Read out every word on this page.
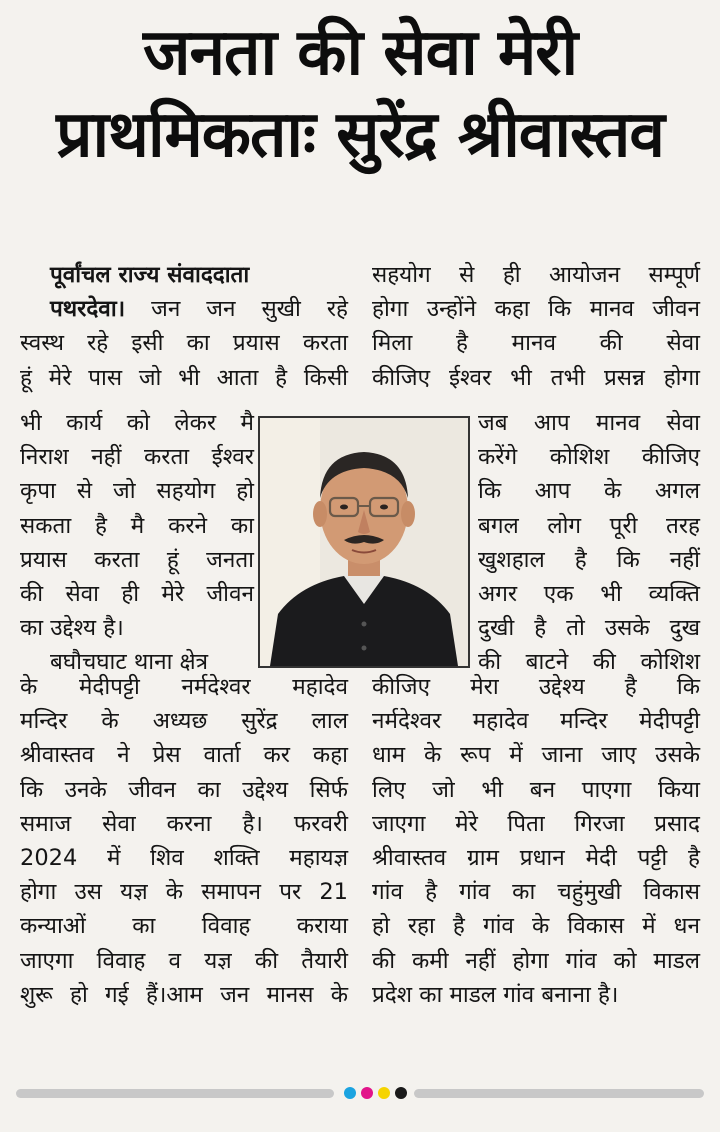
जनता की सेवा मेरी
प्राथमिकताः सुरेंद्र श्रीवास्तव
पूर्वांचल राज्य संवाददाता
पथरदेवा। जन जन सुखी रहे
स्वस्थ रहे इसी का प्रयास करता
हूं मेरे पास जो भी आता है किसी
भी कार्य को लेकर मै
निराश नहीं करता ईश्वर
कृपा से जो सहयोग हो
सकता है मै करने का
प्रयास करता हूं जनता
की सेवा ही मेरे जीवन
का उद्देश्य है।
बघौचघाट थाना क्षेत्र
के मेदीपट्टी नर्मदेश्वर महादेव
मन्दिर के अध्यछ सुरेंद्र लाल
श्रीवास्तव ने प्रेस वार्ता कर कहा
कि उनके जीवन का उद्देश्य सिर्फ
समाज सेवा करना है। फरवरी
2024 में शिव शक्ति महायज्ञ
होगा उस यज्ञ के समापन पर 21
कन्याओं का विवाह कराया
जाएगा विवाह व यज्ञ की तैयारी
शुरू हो गई हैं।आम जन मानस के
सहयोग से ही आयोजन सम्पूर्ण
होगा उन्होंने कहा कि मानव जीवन
मिला है मानव की सेवा
कीजिए ईश्वर भी तभी प्रसन्न होगा
जब आप मानव सेवा
करेंगे कोशिश कीजिए
कि आप के अगल
बगल लोग पूरी तरह
खुशहाल है कि नहीं
अगर एक भी व्यक्ति
दुखी है तो उसके दुख
की बाटने की कोशिश
कीजिए मेरा उद्देश्य है कि
नर्मदेश्वर महादेव मन्दिर मेदीपट्टी
धाम के रूप में जाना जाए उसके
लिए जो भी बन पाएगा किया
जाएगा मेरे पिता गिरजा प्रसाद
श्रीवास्तव ग्राम प्रधान मेदी पट्टी है
गांव है गांव का चहुंमुखी विकास
हो रहा है गांव के विकास में धन
की कमी नहीं होगा गांव को माडल
प्रदेश का माडल गांव बनाना है।
